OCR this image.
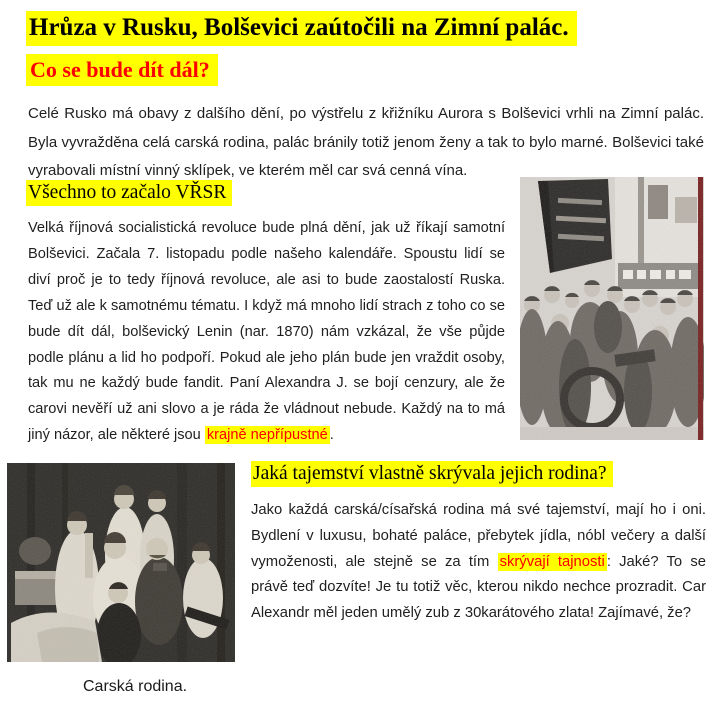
Hrůza v Rusku, Bolševici zaútočili na Zimní palác.
Co se bude dít dál?
Celé Rusko má obavy z dalšího dění, po výstřelu z křižníku Aurora s Bolševici vrhli na Zimní palác. Byla vyvražděna celá carská rodina, palác bránily totiž jenom ženy a tak to bylo marné. Bolševici také vyrabovali místní vinný sklípek, ve kterém měl car svá cenná vína.
Všechno to začalo VŘSR
Velká říjnová socialistická revoluce bude plná dění, jak už říkají samotní Bolševici. Začala 7. listopadu podle našeho kalendáře. Spoustu lidí se diví proč je to tedy říjnová revoluce, ale asi to bude zaostalostí Ruska. Teď už ale k samotnému tématu. I když má mnoho lidí strach z toho co se bude dít dál, bolševický Lenin (nar. 1870) nám vzkázal, že vše půjde podle plánu a lid ho podpoří. Pokud ale jeho plán bude jen vraždit osoby, tak mu ne každý bude fandit. Paní Alexandra J. se bojí cenzury, ale že carovi nevěří už ani slovo a je ráda že vládnout nebude. Každý na to má jiný názor, ale některé jsou krajně nepřípustné .
Jaká tajemství vlastně skrývala jejich rodina?
Jako každá carská/císařská rodina má své tajemství, mají ho i oni. Bydlení v luxusu, bohaté paláce, přebytek jídla, nóbl večery a další vymoženosti, ale stejně se za tím skrývají tajnosti : Jaké? To se právě teď dozvíte! Je tu totiž věc, kterou nikdo nechce prozradit. Car Alexandr měl jeden umělý zub z 30karátového zlata! Zajímavé, že?
Carská rodina.
